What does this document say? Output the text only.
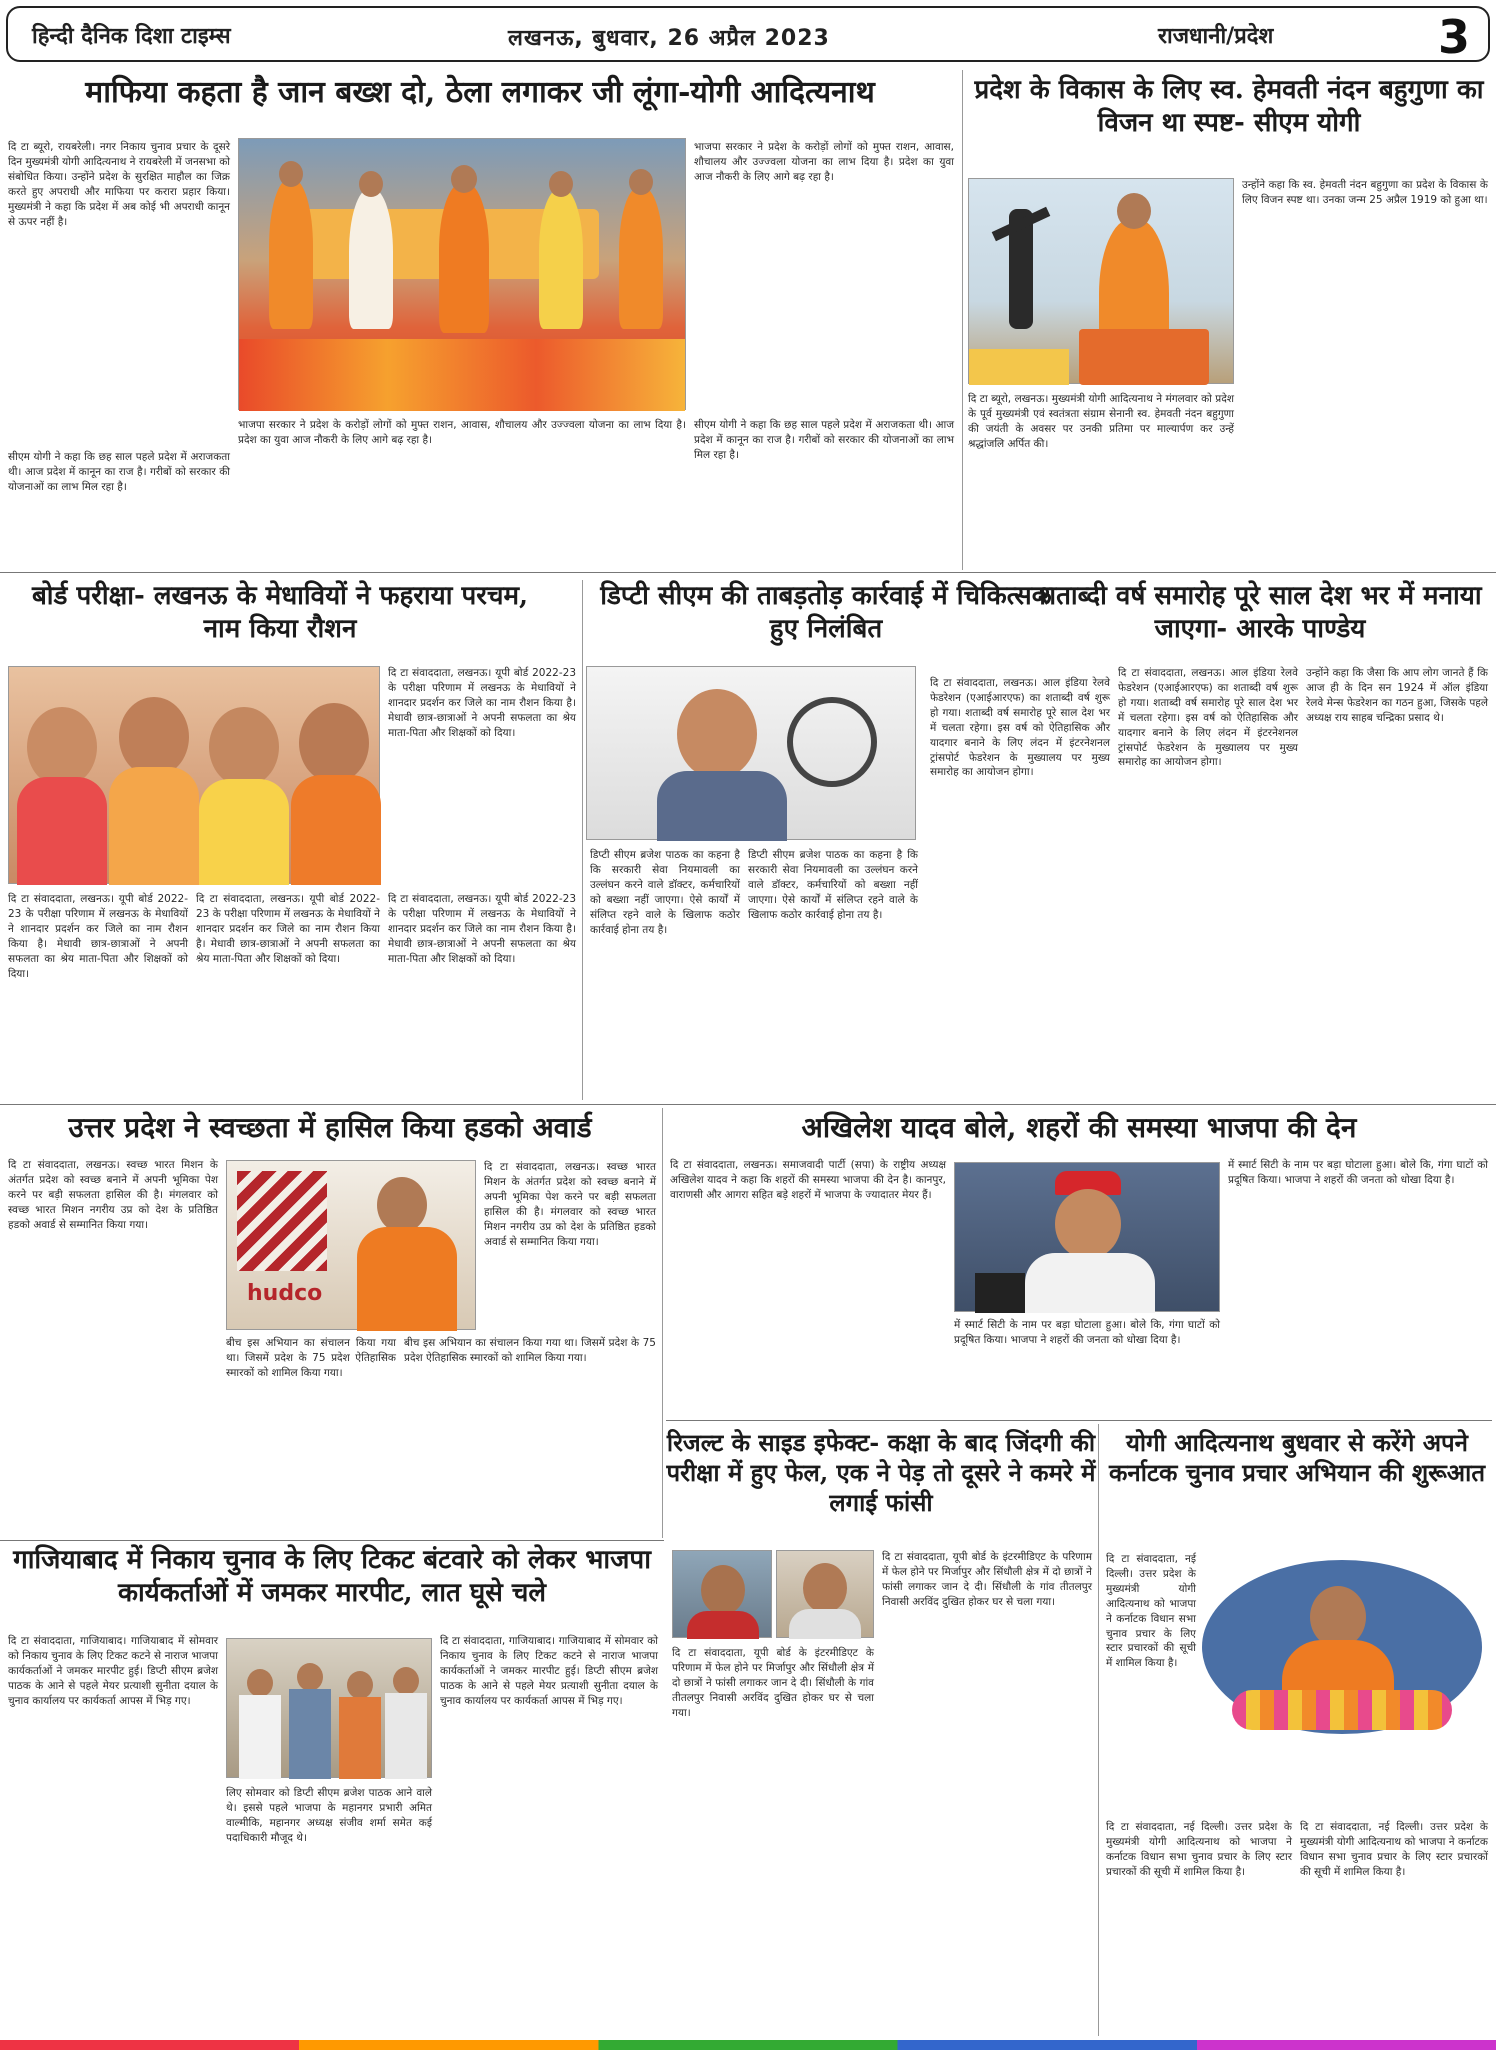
हिन्दी दैनिक दिशा टाइम्स	लखनऊ, बुधवार, 26 अप्रैल 2023	राजधानी/प्रदेश	3
माफिया कहता है जान बख्श दो, ठेला लगाकर जी लूंगा-योगी आदित्यनाथ
दि टा ब्यूरो, रायबरेली। नगर निकाय चुनाव प्रचार के दूसरे दिन मुख्यमंत्री योगी आदित्यनाथ ने रायबरेली में जनसभा को संबोधित किया। उन्होंने प्रदेश के सुरक्षित माहौल का जिक्र करते हुए अपराधी और माफिया पर करारा प्रहार किया। मुख्यमंत्री ने कहा कि प्रदेश में अब कोई भी अपराधी कानून से ऊपर नहीं है।
भाजपा सरकार ने प्रदेश के करोड़ों लोगों को मुफ्त राशन, आवास, शौचालय और उज्ज्वला योजना का लाभ दिया है। प्रदेश का युवा आज नौकरी के लिए आगे बढ़ रहा है।
सीएम योगी ने कहा कि छह साल पहले प्रदेश में अराजकता थी। आज प्रदेश में कानून का राज है। गरीबों को सरकार की योजनाओं का लाभ मिल रहा है।
भाजपा सरकार ने प्रदेश के करोड़ों लोगों को मुफ्त राशन, आवास, शौचालय और उज्ज्वला योजना का लाभ दिया है। प्रदेश का युवा आज नौकरी के लिए आगे बढ़ रहा है।
सीएम योगी ने कहा कि छह साल पहले प्रदेश में अराजकता थी। आज प्रदेश में कानून का राज है। गरीबों को सरकार की योजनाओं का लाभ मिल रहा है।
प्रदेश के विकास के लिए स्व. हेमवती नंदन बहुगुणा का विजन था स्पष्ट- सीएम योगी
दि टा ब्यूरो, लखनऊ। मुख्यमंत्री योगी आदित्यनाथ ने मंगलवार को प्रदेश के पूर्व मुख्यमंत्री एवं स्वतंत्रता संग्राम सेनानी स्व. हेमवती नंदन बहुगुणा की जयंती के अवसर पर उनकी प्रतिमा पर माल्यार्पण कर उन्हें श्रद्धांजलि अर्पित की।
उन्होंने कहा कि स्व. हेमवती नंदन बहुगुणा का प्रदेश के विकास के लिए विजन स्पष्ट था। उनका जन्म 25 अप्रैल 1919 को हुआ था।
बोर्ड परीक्षा- लखनऊ के मेधावियों ने फहराया परचम, नाम किया रौशन
दि टा संवाददाता, लखनऊ। यूपी बोर्ड 2022-23 के परीक्षा परिणाम में लखनऊ के मेधावियों ने शानदार प्रदर्शन कर जिले का नाम रौशन किया है। मेधावी छात्र-छात्राओं ने अपनी सफलता का श्रेय माता-पिता और शिक्षकों को दिया।
दि टा संवाददाता, लखनऊ। यूपी बोर्ड 2022-23 के परीक्षा परिणाम में लखनऊ के मेधावियों ने शानदार प्रदर्शन कर जिले का नाम रौशन किया है। मेधावी छात्र-छात्राओं ने अपनी सफलता का श्रेय माता-पिता और शिक्षकों को दिया।
दि टा संवाददाता, लखनऊ। यूपी बोर्ड 2022-23 के परीक्षा परिणाम में लखनऊ के मेधावियों ने शानदार प्रदर्शन कर जिले का नाम रौशन किया है। मेधावी छात्र-छात्राओं ने अपनी सफलता का श्रेय माता-पिता और शिक्षकों को दिया।
दि टा संवाददाता, लखनऊ। यूपी बोर्ड 2022-23 के परीक्षा परिणाम में लखनऊ के मेधावियों ने शानदार प्रदर्शन कर जिले का नाम रौशन किया है। मेधावी छात्र-छात्राओं ने अपनी सफलता का श्रेय माता-पिता और शिक्षकों को दिया।
डिप्टी सीएम की ताबड़तोड़ कार्रवाई में चिकित्सक हुए निलंबित
डिप्टी सीएम ब्रजेश पाठक का कहना है कि सरकारी सेवा नियमावली का उल्लंघन करने वाले डॉक्टर, कर्मचारियों को बख्शा नहीं जाएगा। ऐसे कार्यों में संलिप्त रहने वाले के खिलाफ कठोर कार्रवाई होना तय है।
डिप्टी सीएम ब्रजेश पाठक का कहना है कि सरकारी सेवा नियमावली का उल्लंघन करने वाले डॉक्टर, कर्मचारियों को बख्शा नहीं जाएगा। ऐसे कार्यों में संलिप्त रहने वाले के खिलाफ कठोर कार्रवाई होना तय है।
शताब्दी वर्ष समारोह पूरे साल देश भर में मनाया जाएगा- आरके पाण्डेय
दि टा संवाददाता, लखनऊ। आल इंडिया रेलवे फेडरेशन (एआईआरएफ) का शताब्दी वर्ष शुरू हो गया। शताब्दी वर्ष समारोह पूरे साल देश भर में चलता रहेगा। इस वर्ष को ऐतिहासिक और यादगार बनाने के लिए लंदन में इंटरनेशनल ट्रांसपोर्ट फेडरेशन के मुख्यालय पर मुख्य समारोह का आयोजन होगा।
दि टा संवाददाता, लखनऊ। आल इंडिया रेलवे फेडरेशन (एआईआरएफ) का शताब्दी वर्ष शुरू हो गया। शताब्दी वर्ष समारोह पूरे साल देश भर में चलता रहेगा। इस वर्ष को ऐतिहासिक और यादगार बनाने के लिए लंदन में इंटरनेशनल ट्रांसपोर्ट फेडरेशन के मुख्यालय पर मुख्य समारोह का आयोजन होगा।
उन्होंने कहा कि जैसा कि आप लोग जानते हैं कि आज ही के दिन सन 1924 में ऑल इंडिया रेलवे मेन्स फेडरेशन का गठन हुआ, जिसके पहले अध्यक्ष राय साहब चन्द्रिका प्रसाद थे।
उत्तर प्रदेश ने स्वच्छता में हासिल किया हडको अवार्ड
दि टा संवाददाता, लखनऊ। स्वच्छ भारत मिशन के अंतर्गत प्रदेश को स्वच्छ बनाने में अपनी भूमिका पेश करने पर बड़ी सफलता हासिल की है। मंगलवार को स्वच्छ भारत मिशन नगरीय उप्र को देश के प्रतिष्ठित हडको अवार्ड से सम्मानित किया गया।
hudco
दि टा संवाददाता, लखनऊ। स्वच्छ भारत मिशन के अंतर्गत प्रदेश को स्वच्छ बनाने में अपनी भूमिका पेश करने पर बड़ी सफलता हासिल की है। मंगलवार को स्वच्छ भारत मिशन नगरीय उप्र को देश के प्रतिष्ठित हडको अवार्ड से सम्मानित किया गया।
बीच इस अभियान का संचालन किया गया था। जिसमें प्रदेश के 75 प्रदेश ऐतिहासिक स्मारकों को शामिल किया गया।
बीच इस अभियान का संचालन किया गया था। जिसमें प्रदेश के 75 प्रदेश ऐतिहासिक स्मारकों को शामिल किया गया।
अखिलेश यादव बोले, शहरों की समस्या भाजपा की देन
दि टा संवाददाता, लखनऊ। समाजवादी पार्टी (सपा) के राष्ट्रीय अध्यक्ष अखिलेश यादव ने कहा कि शहरों की समस्या भाजपा की देन है। कानपुर, वाराणसी और आगरा सहित बड़े शहरों में भाजपा के ज्यादातर मेयर हैं।
में स्मार्ट सिटी के नाम पर बड़ा घोटाला हुआ। बोले कि, गंगा घाटों को प्रदूषित किया। भाजपा ने शहरों की जनता को धोखा दिया है।
में स्मार्ट सिटी के नाम पर बड़ा घोटाला हुआ। बोले कि, गंगा घाटों को प्रदूषित किया। भाजपा ने शहरों की जनता को धोखा दिया है।
रिजल्ट के साइड इफेक्ट- कक्षा के बाद जिंदगी की परीक्षा में हुए फेल, एक ने पेड़ तो दूसरे ने कमरे में लगाई फांसी
दि टा संवाददाता, यूपी बोर्ड के इंटरमीडिएट के परिणाम में फेल होने पर मिर्जापुर और सिंधौली क्षेत्र में दो छात्रों ने फांसी लगाकर जान दे दी। सिंधौली के गांव तीतलपुर निवासी अरविंद दुखित होकर घर से चला गया।
दि टा संवाददाता, यूपी बोर्ड के इंटरमीडिएट के परिणाम में फेल होने पर मिर्जापुर और सिंधौली क्षेत्र में दो छात्रों ने फांसी लगाकर जान दे दी। सिंधौली के गांव तीतलपुर निवासी अरविंद दुखित होकर घर से चला गया।
योगी आदित्यनाथ बुधवार से करेंगे अपने कर्नाटक चुनाव प्रचार अभियान की शुरूआत
दि टा संवाददाता, नई दिल्ली। उत्तर प्रदेश के मुख्यमंत्री योगी आदित्यनाथ को भाजपा ने कर्नाटक विधान सभा चुनाव प्रचार के लिए स्टार प्रचारकों की सूची में शामिल किया है।
दि टा संवाददाता, नई दिल्ली। उत्तर प्रदेश के मुख्यमंत्री योगी आदित्यनाथ को भाजपा ने कर्नाटक विधान सभा चुनाव प्रचार के लिए स्टार प्रचारकों की सूची में शामिल किया है।
दि टा संवाददाता, नई दिल्ली। उत्तर प्रदेश के मुख्यमंत्री योगी आदित्यनाथ को भाजपा ने कर्नाटक विधान सभा चुनाव प्रचार के लिए स्टार प्रचारकों की सूची में शामिल किया है।
गाजियाबाद में निकाय चुनाव के लिए टिकट बंटवारे को लेकर भाजपा कार्यकर्ताओं में जमकर मारपीट, लात घूसे चले
दि टा संवाददाता, गाजियाबाद। गाजियाबाद में सोमवार को निकाय चुनाव के लिए टिकट कटने से नाराज भाजपा कार्यकर्ताओं ने जमकर मारपीट हुई। डिप्टी सीएम ब्रजेश पाठक के आने से पहले मेयर प्रत्याशी सुनीता दयाल के चुनाव कार्यालय पर कार्यकर्ता आपस में भिड़ गए।
दि टा संवाददाता, गाजियाबाद। गाजियाबाद में सोमवार को निकाय चुनाव के लिए टिकट कटने से नाराज भाजपा कार्यकर्ताओं ने जमकर मारपीट हुई। डिप्टी सीएम ब्रजेश पाठक के आने से पहले मेयर प्रत्याशी सुनीता दयाल के चुनाव कार्यालय पर कार्यकर्ता आपस में भिड़ गए।
लिए सोमवार को डिप्टी सीएम ब्रजेश पाठक आने वाले थे। इससे पहले भाजपा के महानगर प्रभारी अमित वाल्मीकि, महानगर अध्यक्ष संजीव शर्मा समेत कई पदाधिकारी मौजूद थे।
